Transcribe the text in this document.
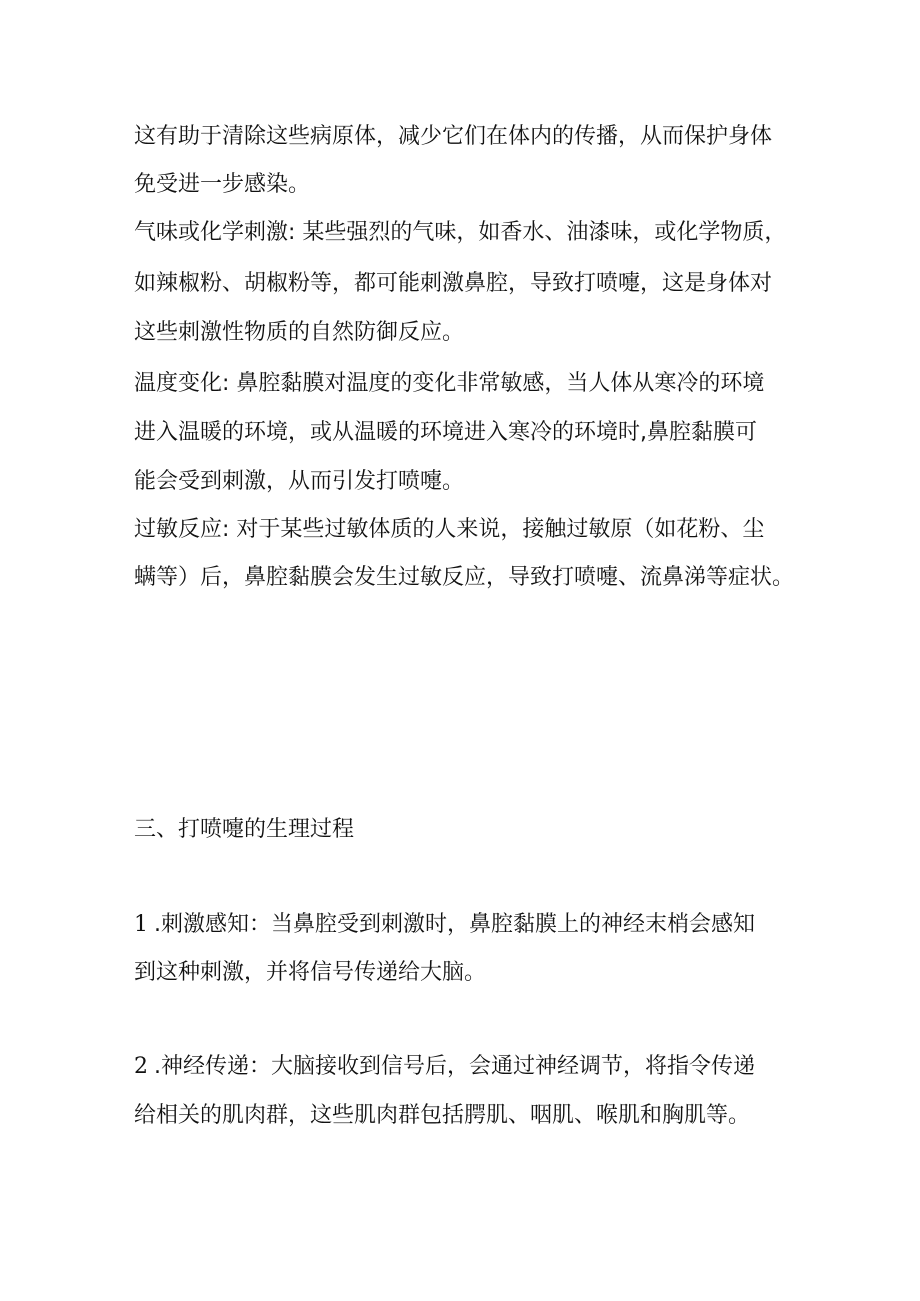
这有助于清除这些病原体，减少它们在体内的传播，从而保护身体
免受进一步感染。
气味或化学刺激: 某些强烈的气味，如香水、油漆味，或化学物质，
如辣椒粉、胡椒粉等，都可能刺激鼻腔，导致打喷嚏，这是身体对
这些刺激性物质的自然防御反应。
温度变化: 鼻腔黏膜对温度的变化非常敏感，当人体从寒冷的环境
进入温暖的环境，或从温暖的环境进入寒冷的环境时,鼻腔黏膜可
能会受到刺激，从而引发打喷嚏。
过敏反应: 对于某些过敏体质的人来说，接触过敏原（如花粉、尘
螨等）后，鼻腔黏膜会发生过敏反应，导致打喷嚏、流鼻涕等症状。
三、打喷嚏的生理过程
1 .刺激感知：当鼻腔受到刺激时，鼻腔黏膜上的神经末梢会感知
到这种刺激，并将信号传递给大脑。
2 .神经传递：大脑接收到信号后，会通过神经调节，将指令传递
给相关的肌肉群，这些肌肉群包括腭肌、咽肌、喉肌和胸肌等。
